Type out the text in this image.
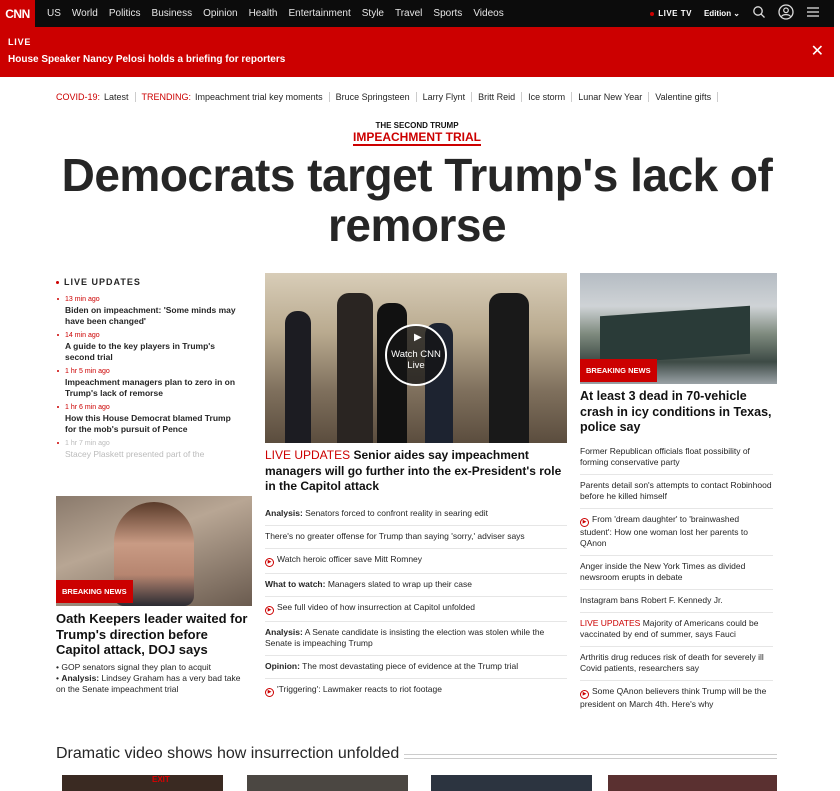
CNN	US World Politics Business Opinion Health Entertainment Style Travel Sports Videos	LIVE TV Edition ⌄
LIVE
House Speaker Nancy Pelosi holds a briefing for reporters	✕
COVID-19: Latest	TRENDING: Impeachment trial key moments	Bruce Springsteen	Larry Flynt	Britt Reid	Ice storm	Lunar New Year	Valentine gifts
THE SECOND TRUMP
IMPEACHMENT TRIAL
Democrats target Trump's lack of remorse
LIVE UPDATES
13 min ago
Biden on impeachment: 'Some minds may have been changed'
14 min ago
A guide to the key players in Trump's second trial
1 hr 5 min ago
Impeachment managers plan to zero in on Trump's lack of remorse
1 hr 6 min ago
How this House Democrat blamed Trump for the mob's pursuit of Pence
1 hr 7 min ago
Stacey Plaskett presented part of the
BREAKING NEWS
Oath Keepers leader waited for Trump's direction before Capitol attack, DOJ says
• GOP senators signal they plan to acquit
• Analysis: Lindsey Graham has a very bad take on the Senate impeachment trial
▶
Watch CNN Live
LIVE UPDATES Senior aides say impeachment managers will go further into the ex-President's role in the Capitol attack
Analysis: Senators forced to confront reality in searing edit
There's no greater offense for Trump than saying 'sorry,' adviser says
▶ Watch heroic officer save Mitt Romney
What to watch: Managers slated to wrap up their case
▶ See full video of how insurrection at Capitol unfolded
Analysis: A Senate candidate is insisting the election was stolen while the Senate is impeaching Trump
Opinion: The most devastating piece of evidence at the Trump trial
▶ 'Triggering': Lawmaker reacts to riot footage
BREAKING NEWS
At least 3 dead in 70-vehicle crash in icy conditions in Texas, police say
Former Republican officials float possibility of forming conservative party
Parents detail son's attempts to contact Robinhood before he killed himself
▶ From 'dream daughter' to 'brainwashed student': How one woman lost her parents to QAnon
Anger inside the New York Times as divided newsroom erupts in debate
Instagram bans Robert F. Kennedy Jr.
LIVE UPDATES Majority of Americans could be vaccinated by end of summer, says Fauci
Arthritis drug reduces risk of death for severely ill Covid patients, researchers say
▶ Some QAnon believers think Trump will be the president on March 4th. Here's why
Dramatic video shows how insurrection unfolded
EXIT
